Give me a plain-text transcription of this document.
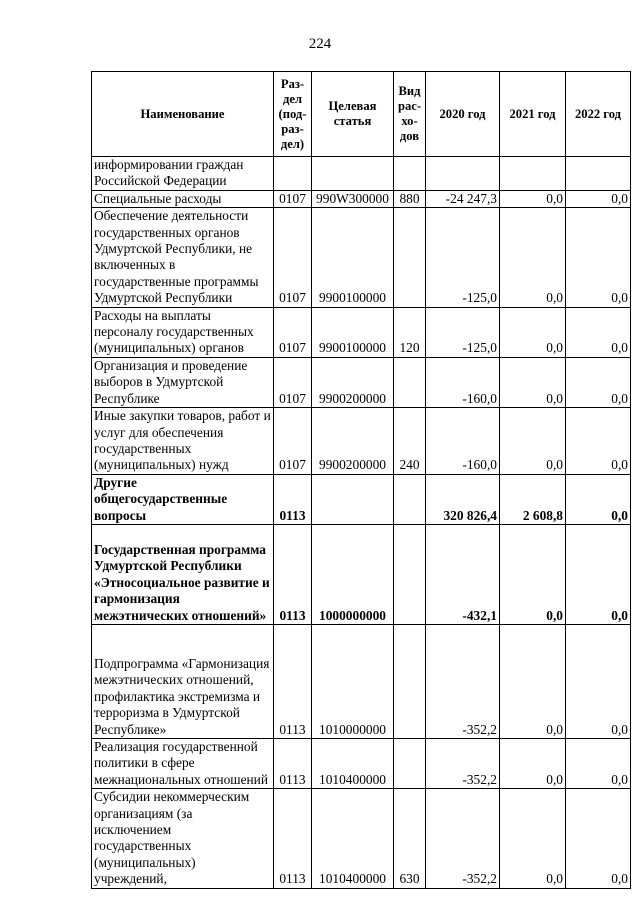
224
Наименование	Раз-дел (под-раз-дел)	Целевая статья	Вид рас-хо-дов	2020 год	2021 год	2022 год
информировании граждан Российской Федерации						
Специальные расходы	0107	990W300000	880	-24 247,3	0,0	0,0
Обеспечение деятельности государственных органов Удмуртской Республики, не включенных в государственные программы Удмуртской Республики	0107	9900100000		-125,0	0,0	0,0
Расходы на выплаты персоналу государственных (муниципальных) органов	0107	9900100000	120	-125,0	0,0	0,0
Организация и проведение выборов в Удмуртской Республике	0107	9900200000		-160,0	0,0	0,0
Иные закупки товаров, работ и услуг для обеспечения государственных (муниципальных) нужд	0107	9900200000	240	-160,0	0,0	0,0
Другие общегосударственные вопросы	0113			320 826,4	2 608,8	0,0
Государственная программа Удмуртской Республики «Этносоциальное развитие и гармонизация межэтнических отношений»	0113	1000000000		-432,1	0,0	0,0
Подпрограмма «Гармонизация межэтнических отношений, профилактика экстремизма и терроризма в Удмуртской Республике»	0113	1010000000		-352,2	0,0	0,0
Реализация государственной политики в сфере межнациональных отношений	0113	1010400000		-352,2	0,0	0,0
Субсидии некоммерческим организациям (за исключением государственных (муниципальных) учреждений,	0113	1010400000	630	-352,2	0,0	0,0
